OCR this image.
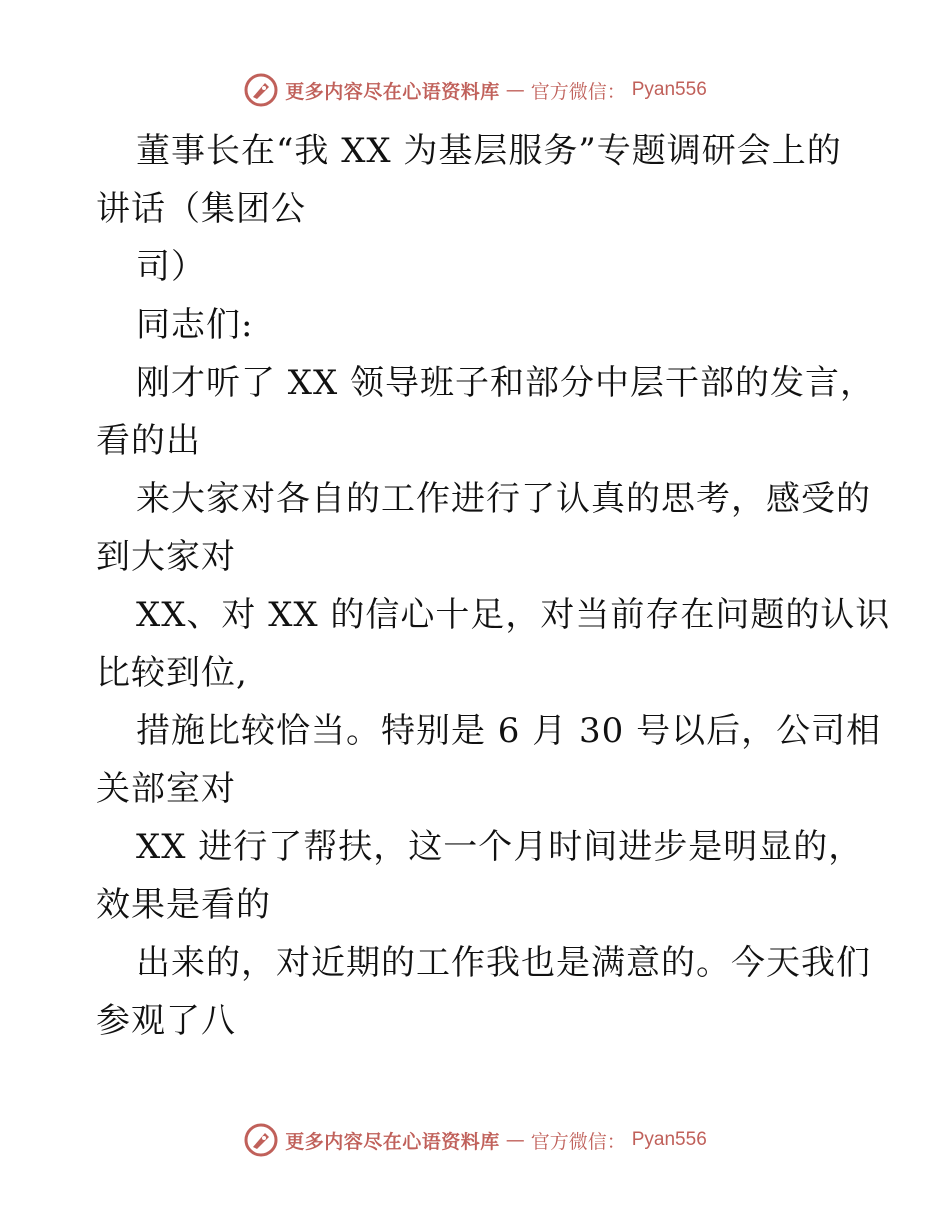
更多内容尽在心语资料库 — 官方微信： Pyan556
董事长在“我 XX 为基层服务”专题调研会上的
讲话（集团公
司）
同志们:
刚才听了 XX 领导班子和部分中层干部的发言，
看的出
来大家对各自的工作进行了认真的思考，感受的
到大家对
XX、对 XX 的信心十足，对当前存在问题的认识
比较到位,
措施比较恰当。特别是 6 月 30 号以后，公司相
关部室对
XX 进行了帮扶，这一个月时间进步是明显的，
效果是看的
出来的，对近期的工作我也是满意的。今天我们
参观了八
更多内容尽在心语资料库 — 官方微信： Pyan556
